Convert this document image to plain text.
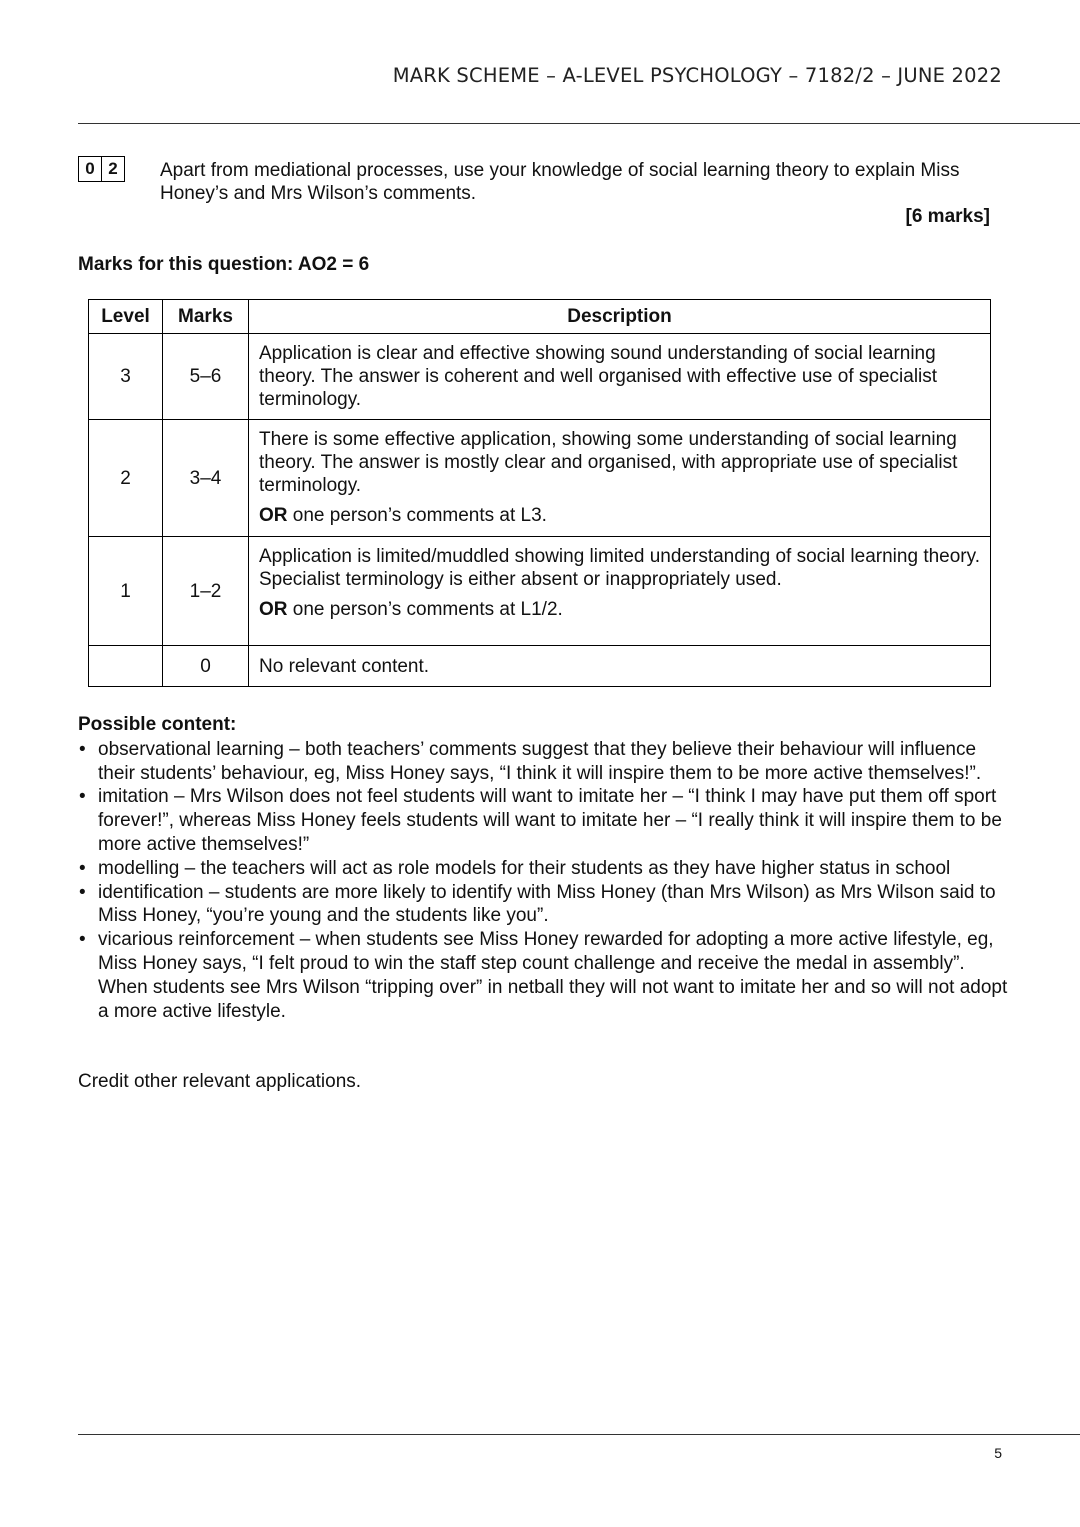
MARK SCHEME – A-LEVEL PSYCHOLOGY – 7182/2 – JUNE 2022
0 2	Apart from mediational processes, use your knowledge of social learning theory to explain Miss Honey’s and Mrs Wilson’s comments.
[6 marks]
Marks for this question: AO2 = 6
Level	Marks	Description
3	5–6	Application is clear and effective showing sound understanding of social learning theory. The answer is coherent and well organised with effective use of specialist terminology.

2	3–4	There is some effective application, showing some understanding of social learning theory. The answer is mostly clear and organised, with appropriate use of specialist terminology.
OR one person’s comments at L3.

1	1–2	Application is limited/muddled showing limited understanding of social learning theory. Specialist terminology is either absent or inappropriately used.
OR one person’s comments at L1/2.

	0	No relevant content.
Possible content:
• observational learning – both teachers’ comments suggest that they believe their behaviour will influence their students’ behaviour, eg, Miss Honey says, “I think it will inspire them to be more active themselves!”.
• imitation – Mrs Wilson does not feel students will want to imitate her – “I think I may have put them off sport forever!”, whereas Miss Honey feels students will want to imitate her – “I really think it will inspire them to be more active themselves!”
• modelling – the teachers will act as role models for their students as they have higher status in school
• identification – students are more likely to identify with Miss Honey (than Mrs Wilson) as Mrs Wilson said to Miss Honey, “you’re young and the students like you”.
• vicarious reinforcement – when students see Miss Honey rewarded for adopting a more active lifestyle, eg, Miss Honey says, “I felt proud to win the staff step count challenge and receive the medal in assembly”. When students see Mrs Wilson “tripping over” in netball they will not want to imitate her and so will not adopt a more active lifestyle.
Credit other relevant applications.
5
